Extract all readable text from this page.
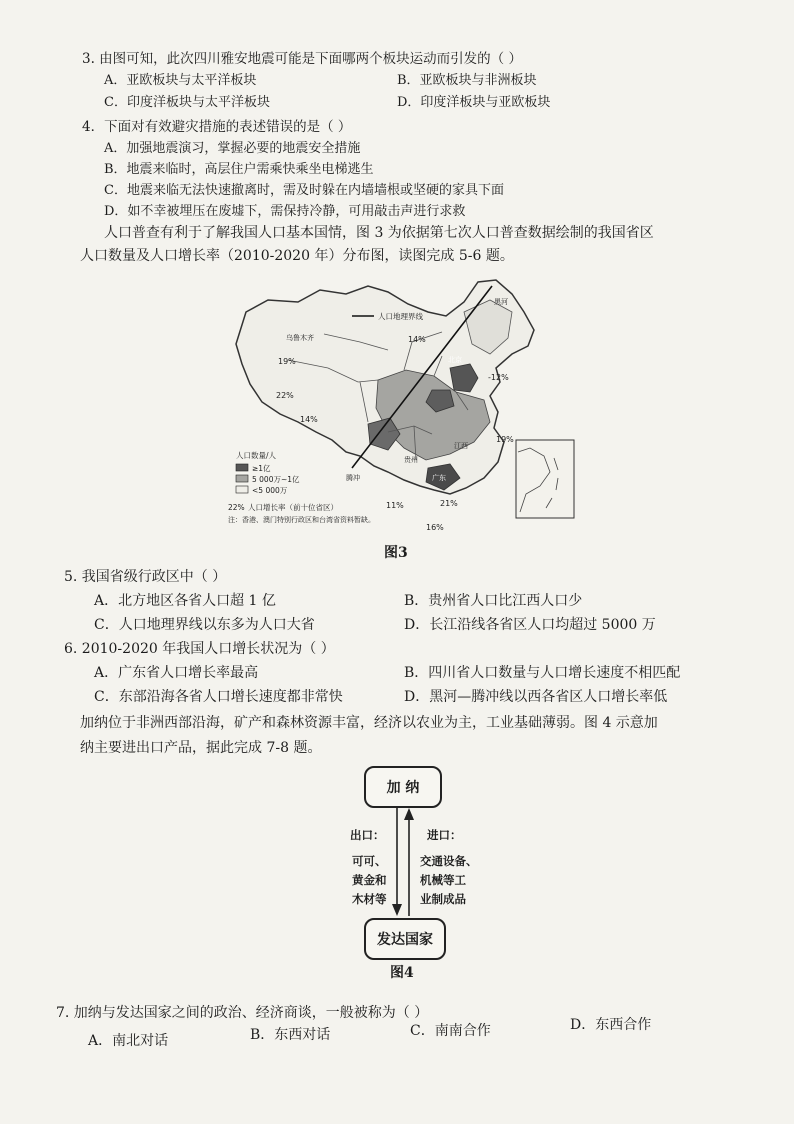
3. 由图可知，此次四川雅安地震可能是下面哪两个板块运动而引发的（ ）
A．亚欧板块与太平洋板块	B．亚欧板块与非洲板块
C．印度洋板块与太平洋板块	D．印度洋板块与亚欧板块
4．下面对有效避灾措施的表述错误的是（ ）
A．加强地震演习，掌握必要的地震安全措施
B．地震来临时，高层住户需乘快乘坐电梯逃生
C．地震来临无法快速撤离时，需及时躲在内墙墙根或坚硬的家具下面
D．如不幸被埋压在废墟下，需保持冷静，可用敲击声进行求救
人口普查有利于了解我国人口基本国情，图 3 为依据第七次人口普查数据绘制的我国省区
人口数量及人口增长率（2010-2020 年）分布图，读图完成 5-6 题。
人口地理界线
14%
19%
22%
14%
-12%
19%
11%	21%
16%
黑河
乌鲁木齐
北京
腾冲
贵州
江西
广东
人口数量/人
≥1亿
5 000万~1亿
<5 000万
22% 人口增长率（前十位省区）
注：香港、澳门特别行政区和台湾省资料暂缺。
图3
5. 我国省级行政区中（ ）
A．北方地区各省人口超 1 亿	B．贵州省人口比江西人口少
C．人口地理界线以东多为人口大省	D．长江沿线各省区人口均超过 5000 万
6. 2010-2020 年我国人口增长状况为（ ）
A．广东省人口增长率最高	B．四川省人口数量与人口增长速度不相匹配
C．东部沿海各省人口增长速度都非常快	D．黑河—腾冲线以西各省区人口增长率低
加纳位于非洲西部沿海，矿产和森林资源丰富，经济以农业为主，工业基础薄弱。图 4 示意加
纳主要进出口产品，据此完成 7-8 题。
加 纳
发达国家
出口：
可可、
黄金和
木材等
进口：
交通设备、
机械等工
业制成品
图4
7. 加纳与发达国家之间的政治、经济商谈，一般被称为（ ）
A．南北对话	B．东西对话	C．南南合作	D．东西合作
